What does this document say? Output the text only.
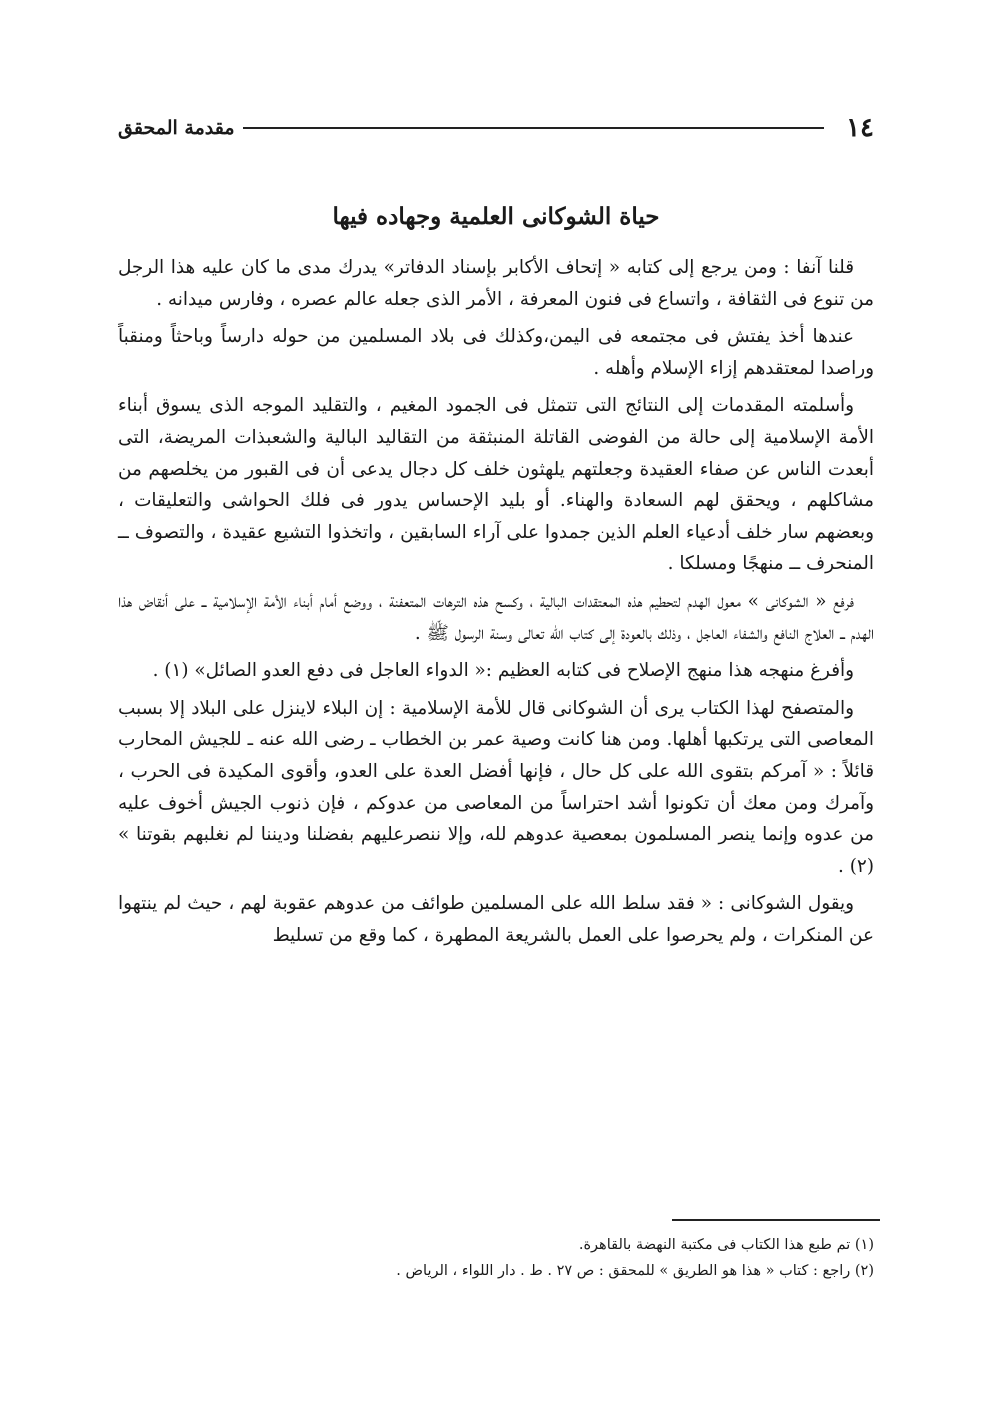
١٤
مقدمة المحقق
حياة الشوكانى العلمية وجهاده فيها

قلنا آنفا : ومن يرجع إلى كتابه « إتحاف الأكابر بإسناد الدفاتر» يدرك مدى ما كان عليه هذا الرجل من تنوع فى الثقافة ، واتساع فى فنون المعرفة ، الأمر الذى جعله عالم عصره ، وفارس ميدانه .

عندها أخذ يفتش فى مجتمعه فى اليمن،وكذلك فى بلاد المسلمين من حوله دارساً وباحثاً ومنقباً وراصدا لمعتقدهم إزاء الإسلام وأهله .

وأسلمته المقدمات إلى النتائج التى تتمثل فى الجمود المغيم ، والتقليد الموجه الذى يسوق أبناء الأمة الإسلامية إلى حالة من الفوضى القاتلة المنبثقة من التقاليد البالية والشعبذات المريضة، التى أبعدت الناس عن صفاء العقيدة وجعلتهم يلهثون خلف كل دجال يدعى أن فى القبور من يخلصهم من مشاكلهم ، ويحقق لهم السعادة والهناء. أو بليد الإحساس يدور فى فلك الحواشى والتعليقات ، وبعضهم سار خلف أدعياء العلم الذين جمدوا على آراء السابقين ، واتخذوا التشيع عقيدة ، والتصوف ــ المنحرف ــ منهجًا ومسلكا .

فرفع « الشوكانى » معول الهدم لتحطيم هذه المعتقدات البالية ، وكسح هذه الترهات المتعفنة ، ووضع أمام أبناء الأمة الإسلامية ــ على أنقاض هذا الهدم ــ العلاج النافع والشفاء العاجل ، وذلك بالعودة إلى كتاب الله تعالى وسنة الرسول ﷺ .

وأفرغ منهجه هذا منهج الإصلاح فى كتابه العظيم :« الدواء العاجل فى دفع العدو الصائل» (١) .

والمتصفح لهذا الكتاب يرى أن الشوكانى قال للأمة الإسلامية : إن البلاء لاينزل على البلاد إلا بسبب المعاصى التى يرتكبها أهلها. ومن هنا كانت وصية عمر بن الخطاب ـ رضى الله عنه ـ للجيش المحارب قائلاً : « آمركم بتقوى الله على كل حال ، فإنها أفضل العدة على العدو، وأقوى المكيدة فى الحرب ، وآمرك ومن معك أن تكونوا أشد احتراساً من المعاصى من عدوكم ، فإن ذنوب الجيش أخوف عليه من عدوه وإنما ينصر المسلمون بمعصية عدوهم لله، وإلا ننصرعليهم بفضلنا وديننا لم نغلبهم بقوتنا » (٢) .

ويقول الشوكانى : « فقد سلط الله على المسلمين طوائف من عدوهم عقوبة لهم ، حيث لم ينتهوا عن المنكرات ، ولم يحرصوا على العمل بالشريعة المطهرة ، كما وقع من تسليط

(١) تم طبع هذا الكتاب فى مكتبة النهضة بالقاهرة.
(٢) راجع : كتاب « هذا هو الطريق » للمحقق : ص ٢٧ . ط . دار اللواء ، الرياض .
